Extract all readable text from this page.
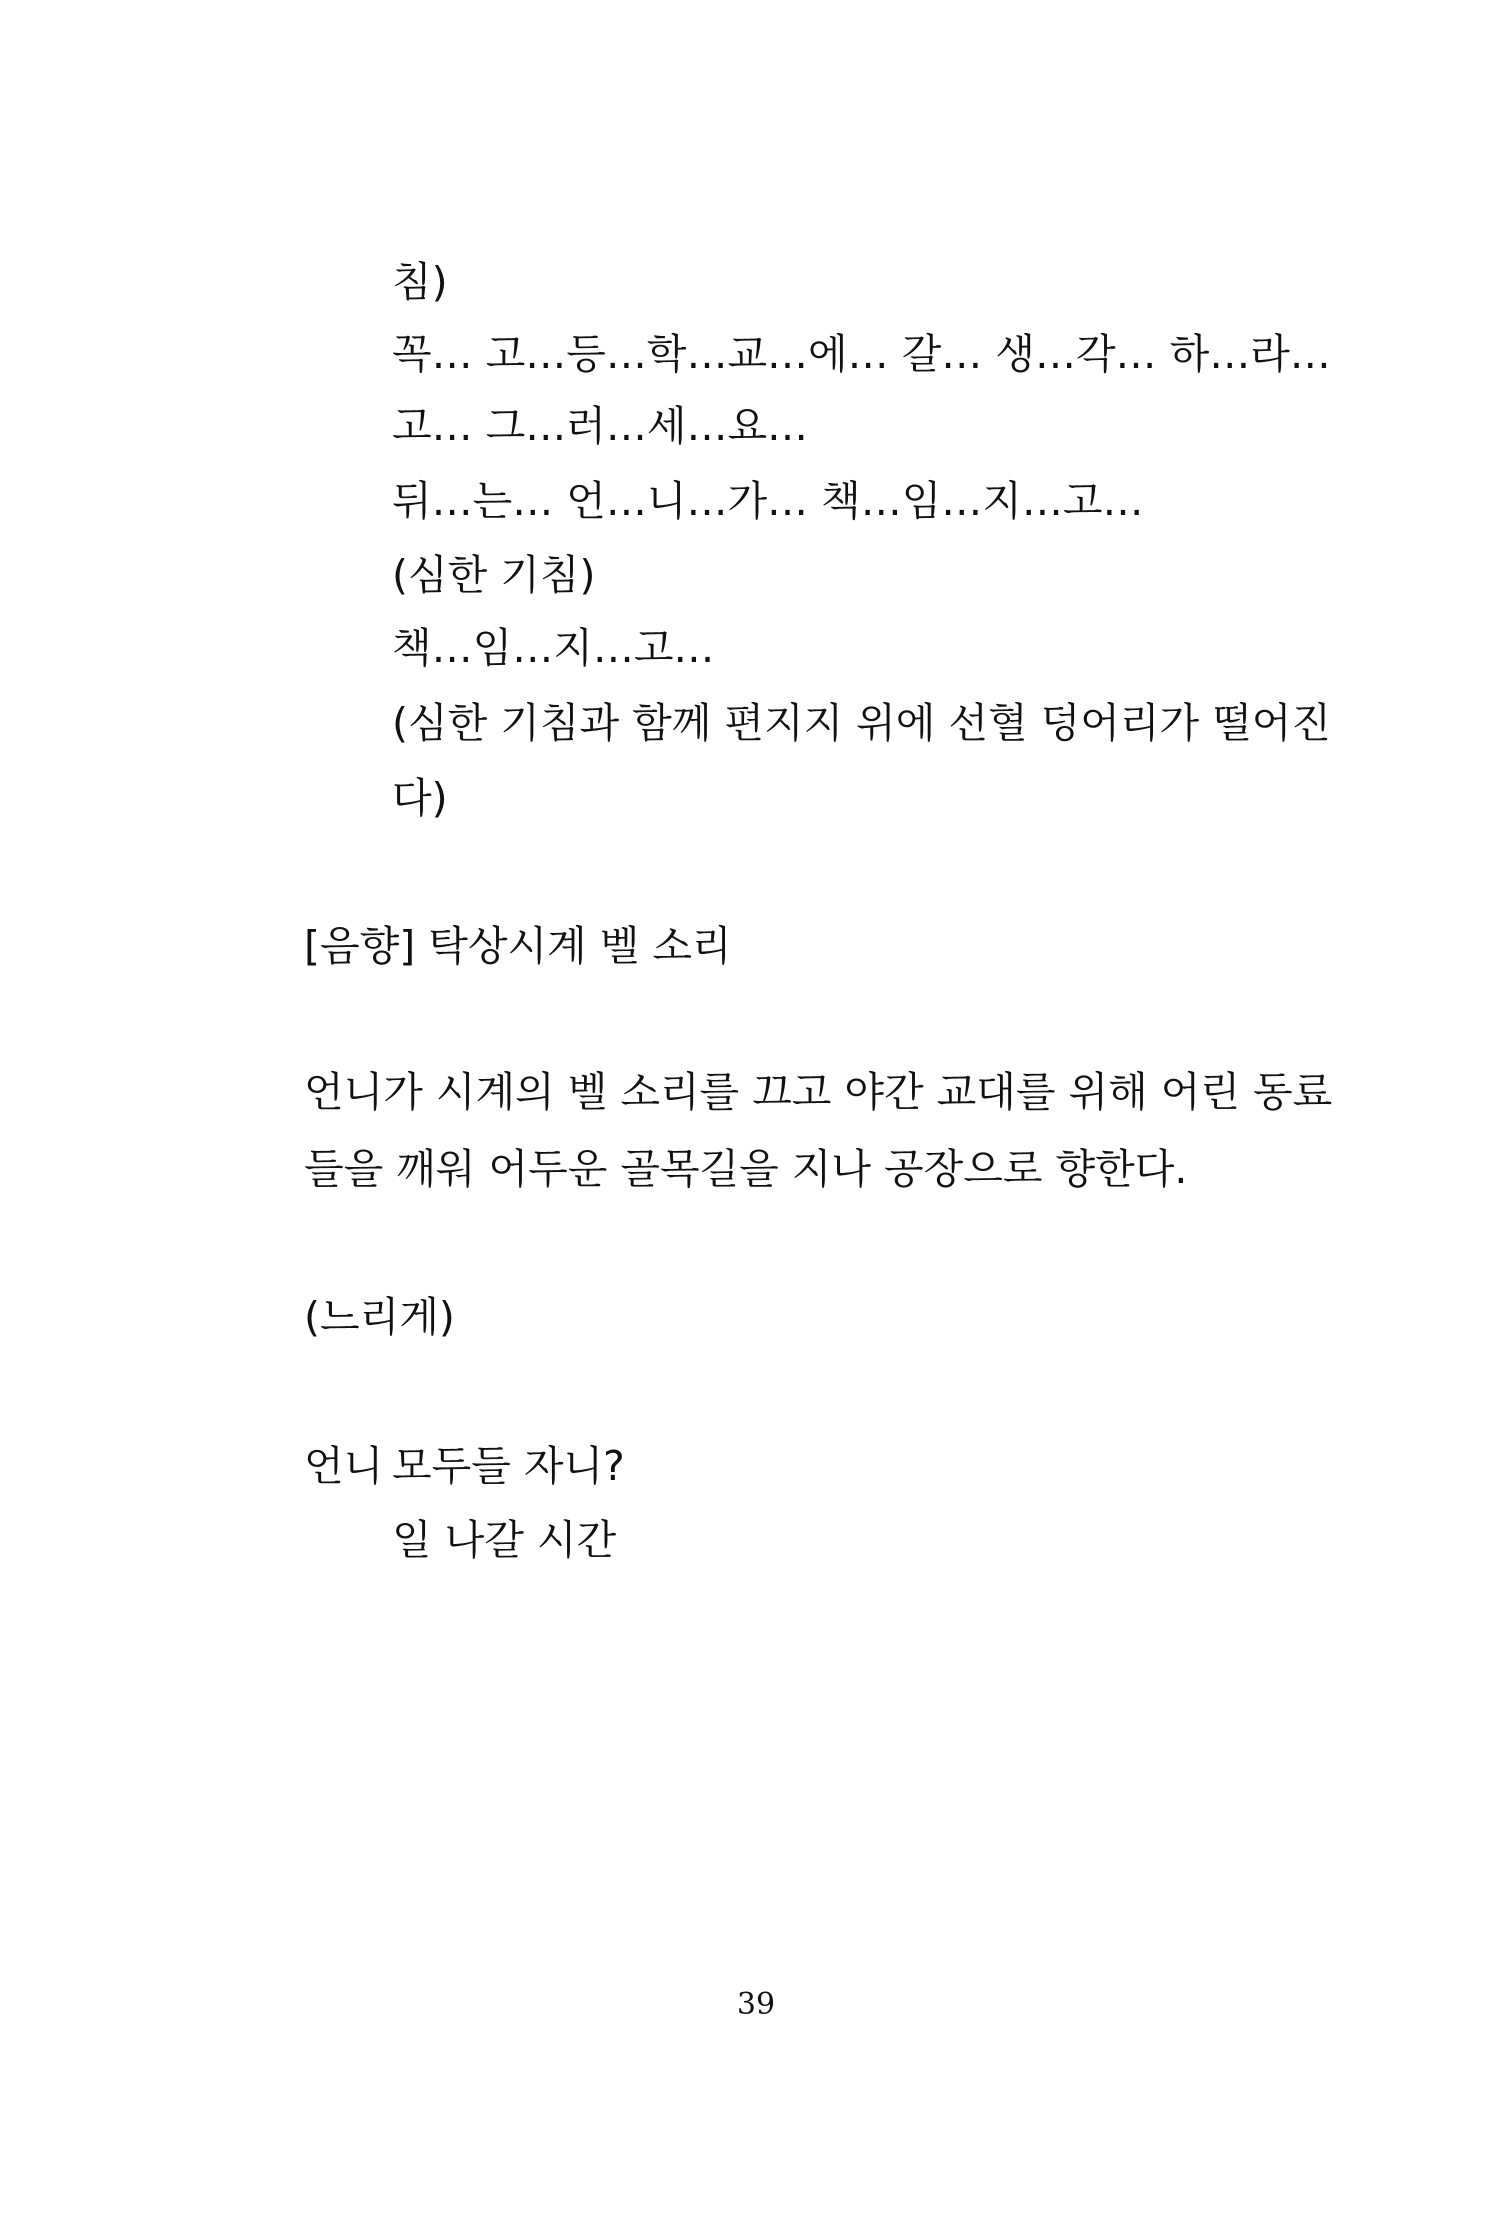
침)
꼭… 고…등…학…교…에… 갈… 생…각… 하…라…
고… 그…러…세…요…
뒤…는… 언…니…가… 책…임…지…고…
(심한 기침)
책…임…지…고…
(심한 기침과 함께 편지지 위에 선혈 덩어리가 떨어진
다)
[음향] 탁상시계 벨 소리
언니가 시계의 벨 소리를 끄고 야간 교대를 위해 어린 동료
들을 깨워 어두운 골목길을 지나 공장으로 향한다.
(느리게)
언니 모두들 자니?
일 나갈 시간
39
